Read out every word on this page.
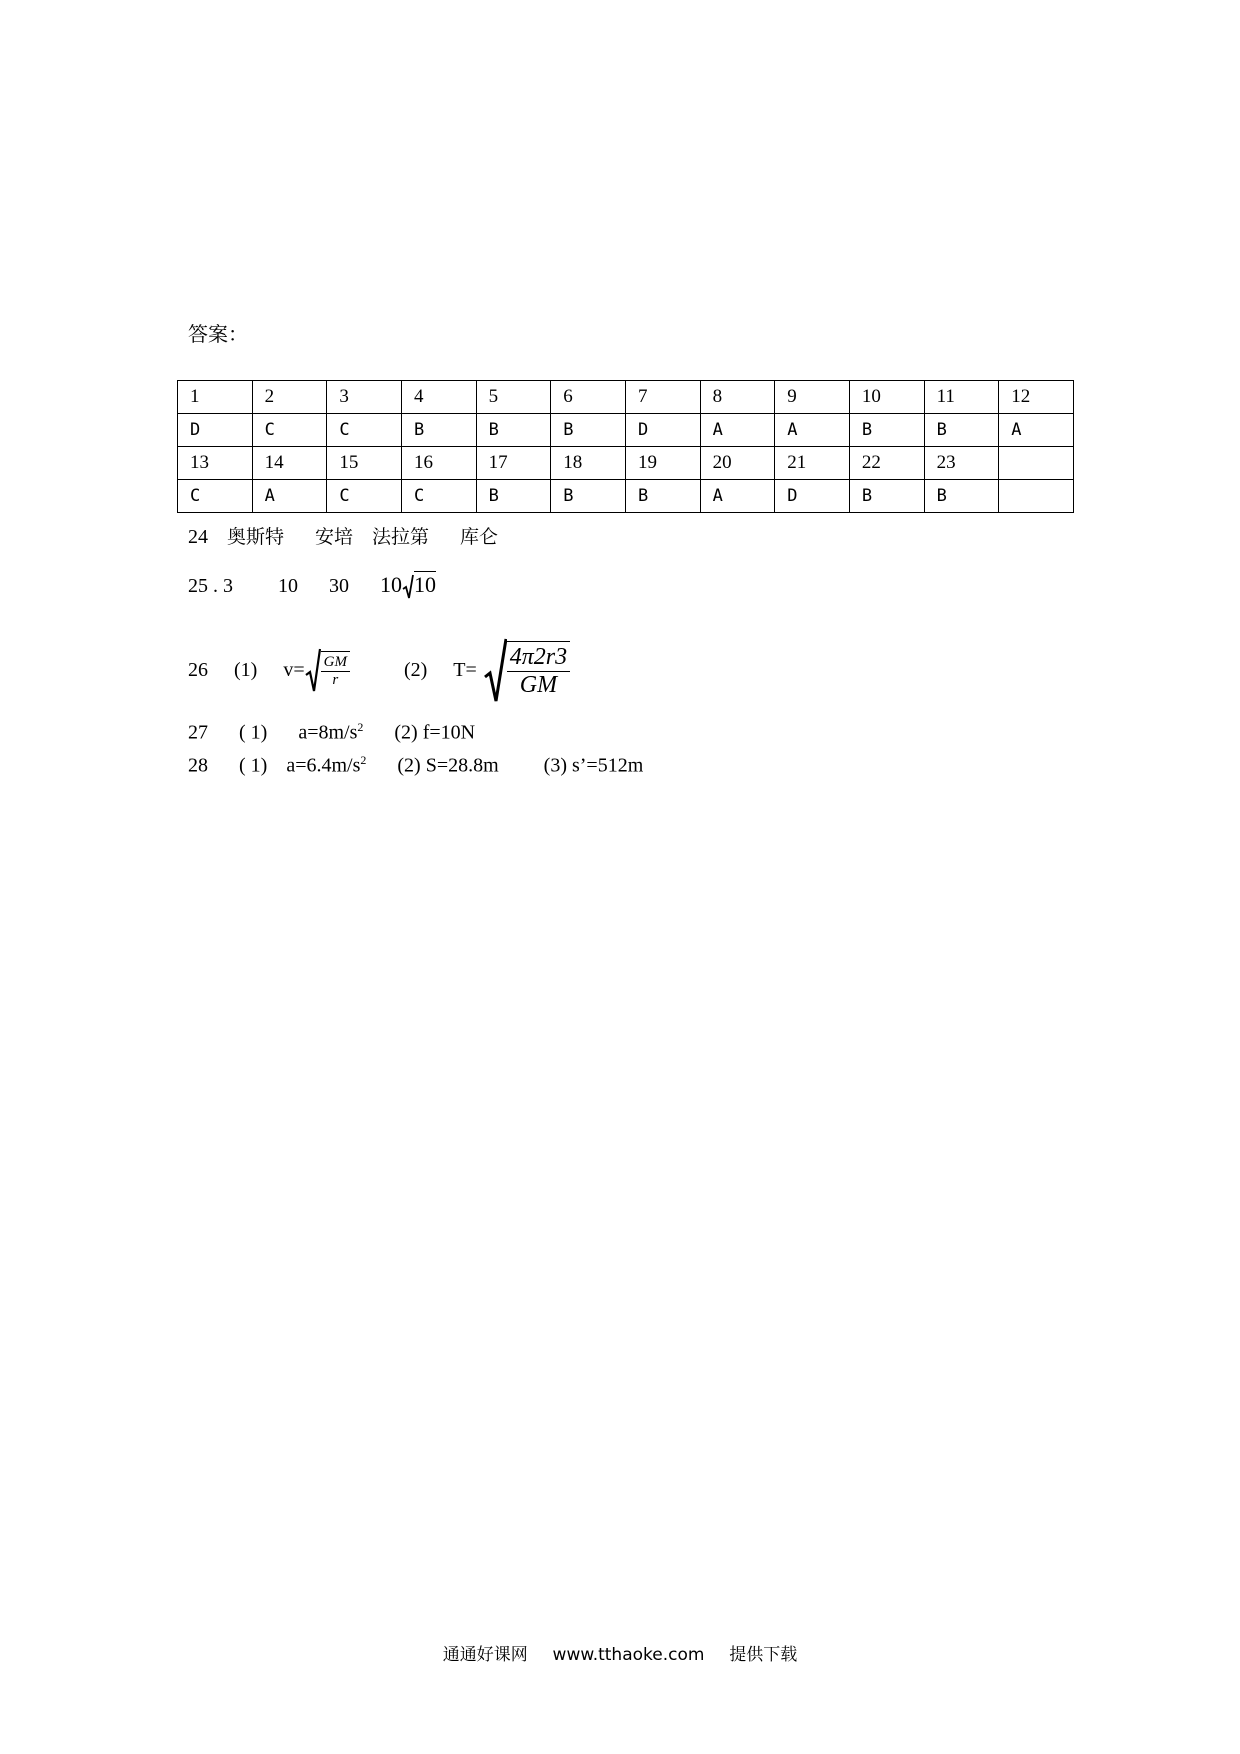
答案：
1	2	3	4	5	6	7	8	9	10	11	12
D	C	C	B	B	B	D	A	A	B	B	A
13	14	15	16	17	18	19	20	21	22	23	
C	A	C	C	B	B	B	A	D	B	B	
24 奥斯特 安培 法拉第 库仑
25 . 3 10 30 10 10
26 (1) $v= \frac{GM}{r}$	(2) $T= \frac{4\pi 2r3}{GM}$
27 ( 1) $a=8m/s^2$ (2) f=10N
28 ( 1) $a=6.4m/s^2$ (2) S=28.8m (3) s’=512m
通通好课网 www.tthaoke.com 提供下载
